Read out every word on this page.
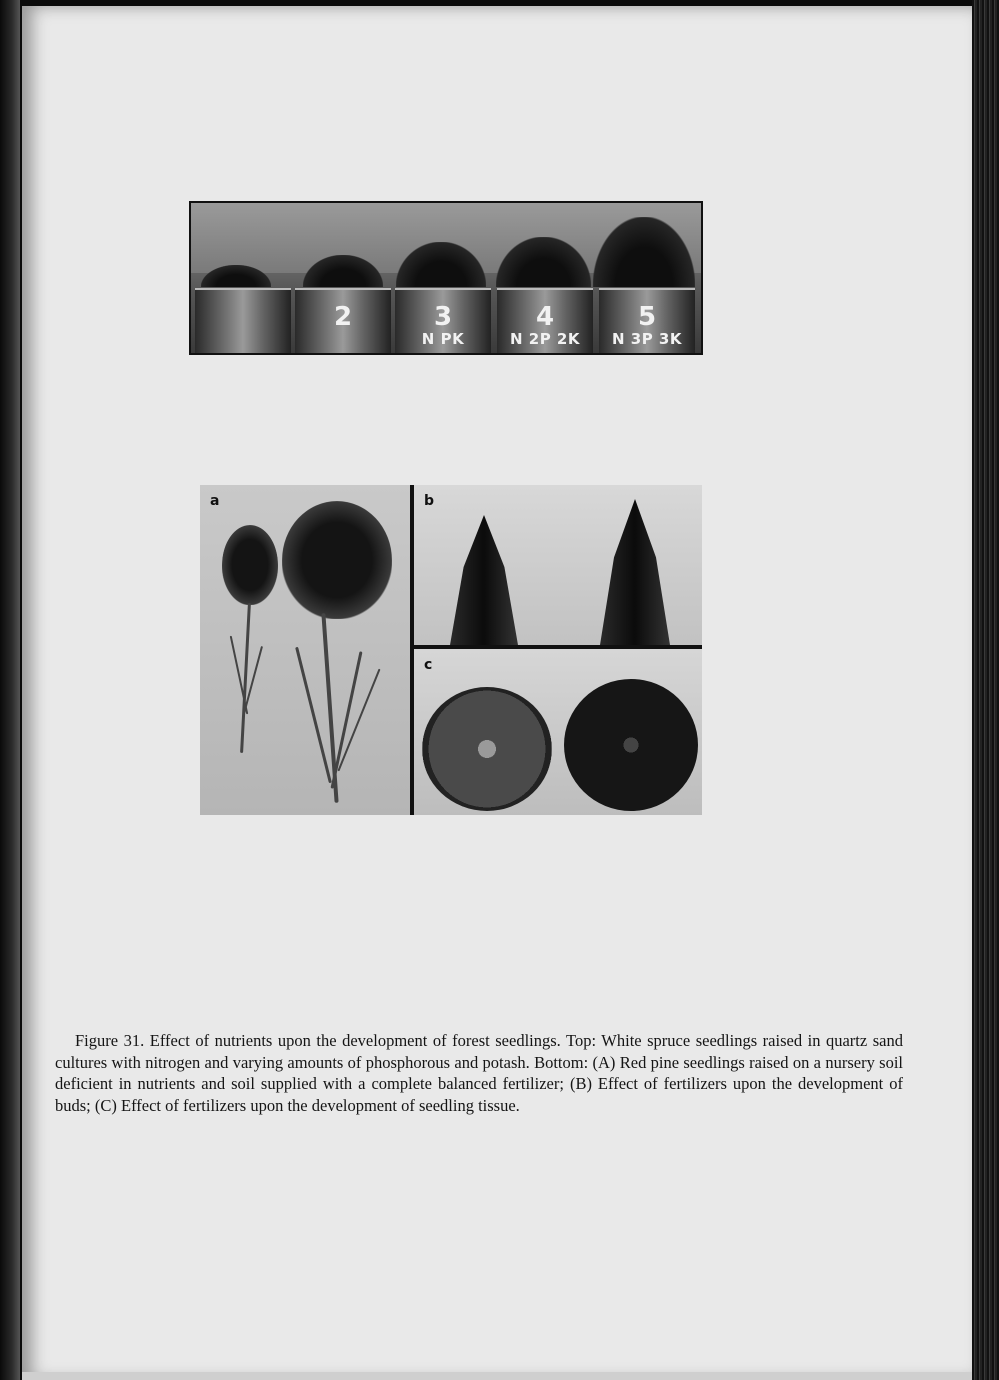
2	3
N PK
4
N 2P 2K
5
N 3P 3K
a	b
c
Figure 31. Effect of nutrients upon the development of forest seedlings. Top: White spruce seedlings raised in quartz sand cultures with nitrogen and varying amounts of phosphorous and potash. Bottom: (A) Red pine seedlings raised on a nursery soil deficient in nutrients and soil supplied with a complete balanced fertilizer; (B) Effect of fertilizers upon the development of buds; (C) Effect of fertilizers upon the development of seedling tissue.
